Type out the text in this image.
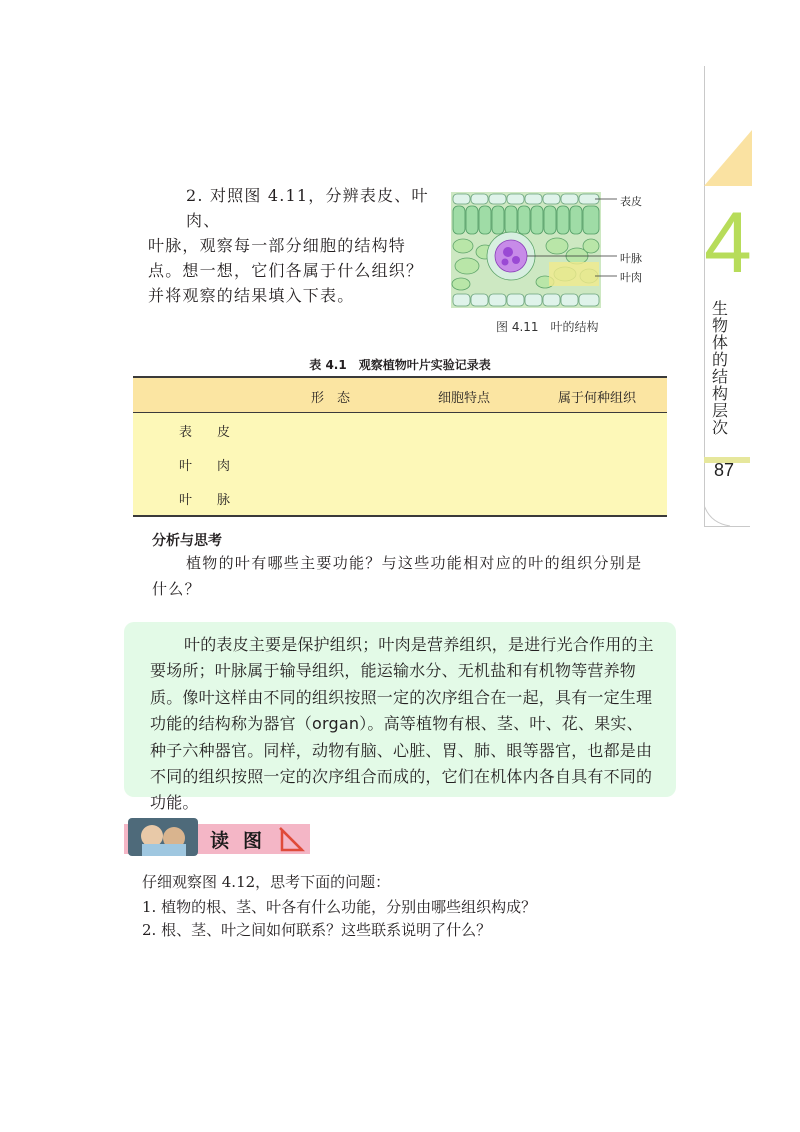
4
生物体的结构层次
87

2. 对照图 4.11，分辨表皮、叶肉、

叶脉，观察每一部分细胞的结构特

点。想一想，它们各属于什么组织？

并将观察的结果填入下表。

表皮
叶脉
叶肉
图 4.11　叶的结构
表 4.1　观察植物叶片实验记录表
形　态	细胞特点	属于何种组织
表　皮
叶　肉
叶　脉
分析与思考
植物的叶有哪些主要功能？与这些功能相对应的叶的组织分别是什么？

叶的表皮主要是保护组织；叶肉是营养组织，是进行光合作用的主要场所；叶脉属于输导组织，能运输水分、无机盐和有机物等营养物质。像叶这样由不同的组织按照一定的次序组合在一起，具有一定生理功能的结构称为器官（organ）。高等植物有根、茎、叶、花、果实、种子六种器官。同样，动物有脑、心脏、胃、肺、眼等器官，也都是由不同的组织按照一定的次序组合而成的，它们在机体内各自具有不同的功能。

读图
仔细观察图 4.12，思考下面的问题：
1. 植物的根、茎、叶各有什么功能，分别由哪些组织构成？
2. 根、茎、叶之间如何联系？这些联系说明了什么？
